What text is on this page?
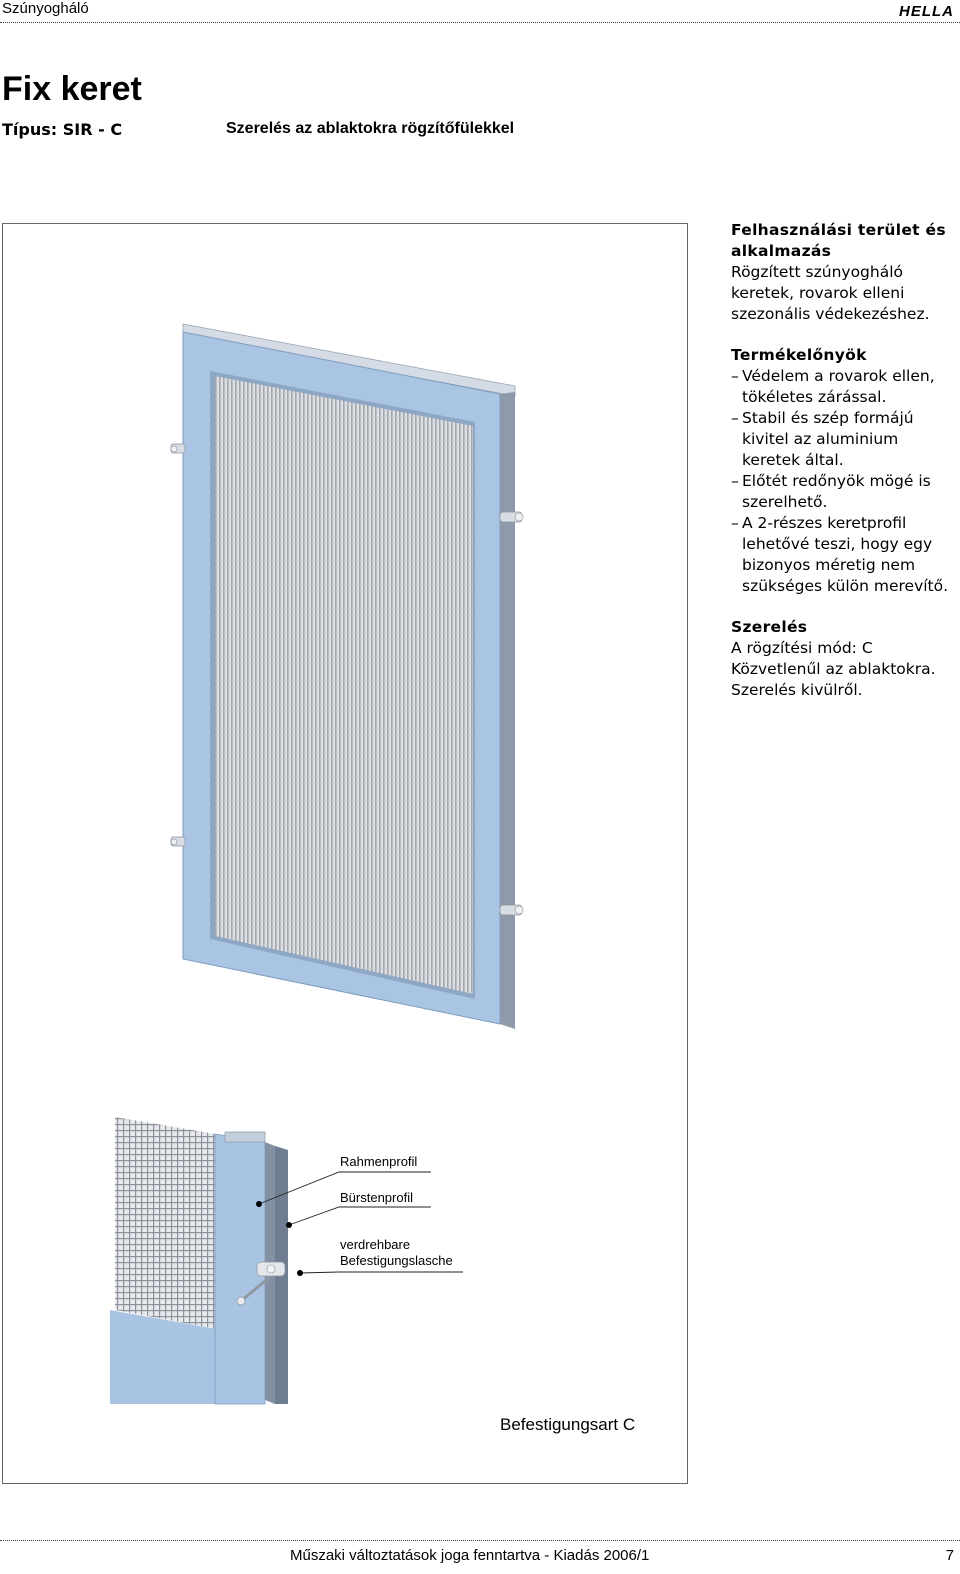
Szúnyogháló	HELLA
Fix keret
Típus: SIR - C	Szerelés az ablaktokra rögzítőfülekkel
Rahmenprofil
Bürstenprofil
verdrehbare
Befestigungslasche
Befestigungsart C
Felhasználási terület és alkalmazás

Rögzített szúnyogháló keretek, rovarok elleni szezonális védekezéshez.

Termékelőnyök
– Védelem a rovarok ellen, tökéletes zárással.
– Stabil és szép formájú kivitel az aluminium keretek által.
– Előtét redőnyök mögé is szerelhető.
– A 2-részes keretprofil lehetővé teszi, hogy egy bizonyos méretig nem szükséges külön merevítő.
Szerelés

A rögzítési mód: C

Közvetlenűl az ablaktokra.

Szerelés kivülről.

Műszaki változtatások joga fenntartva - Kiadás 2006/1	7
